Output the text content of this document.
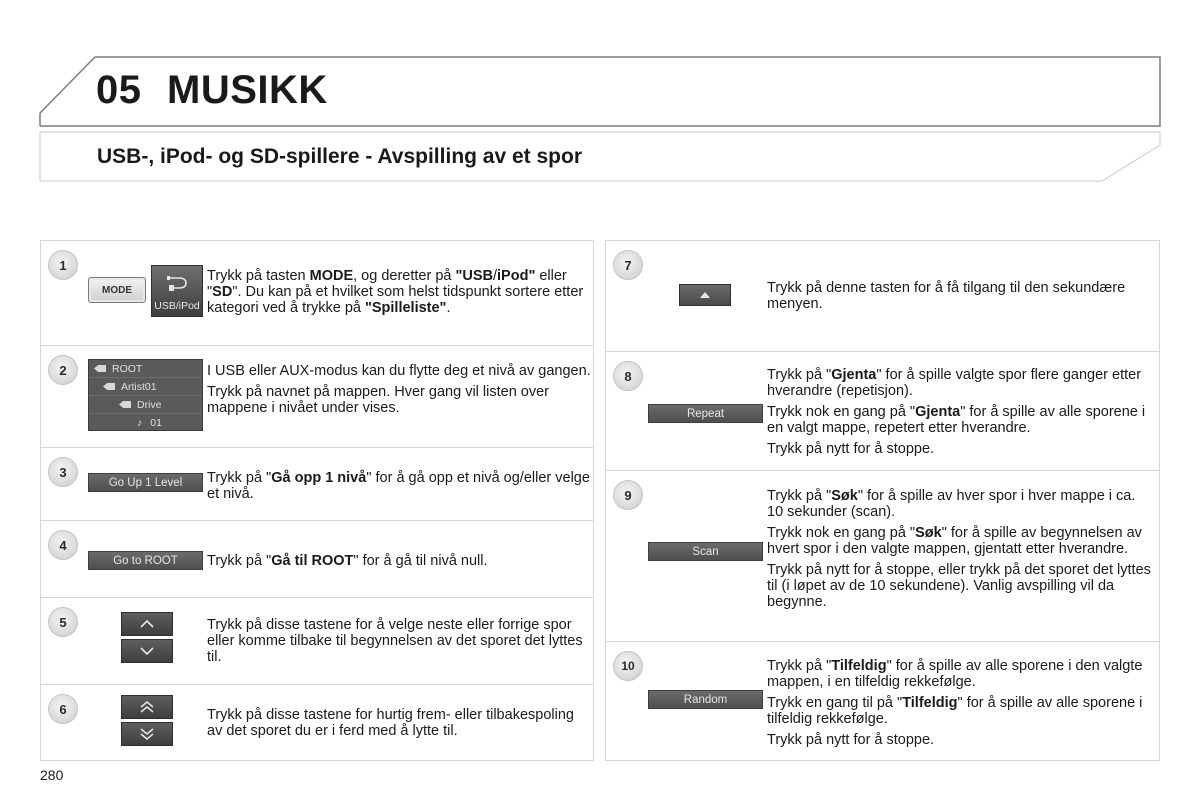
05 MUSIKK
USB-, iPod- og SD-spillere - Avspilling av et spor
1
MODE
USB/iPod
Trykk på tasten MODE, og deretter på "USB/iPod" eller "SD". Du kan på et hvilket som helst tidspunkt sortere etter kategori ved å trykke på "Spilleliste".
2	ROOT
Artist01
Drive
♪ 01

I USB eller AUX-modus kan du flytte deg et nivå av gangen.

Trykk på navnet på mappen. Hver gang vil listen over mappene i nivået under vises.

3
Go Up 1 Level	Trykk på "Gå opp 1 nivå" for å gå opp et nivå og/eller velge et nivå.
4
Go to ROOT	Trykk på "Gå til ROOT" for å gå til nivå null.
5	Trykk på disse tastene for å velge neste eller forrige spor eller komme tilbake til begynnelsen av det sporet det lyttes til.

6	Trykk på disse tastene for hurtig frem- eller tilbakespoling av det sporet du er i ferd med å lytte til.

7

Trykk på denne tasten for å få tilgang til den sekundære menyen.

8
Repeat

Trykk på "Gjenta" for å spille valgte spor flere ganger etter hverandre (repetisjon).

Trykk nok en gang på "Gjenta" for å spille av alle sporene i en valgt mappe, repetert etter hverandre.

Trykk på nytt for å stoppe.

9
Scan

Trykk på "Søk" for å spille av hver spor i hver mappe i ca. 10 sekunder (scan).

Trykk nok en gang på "Søk" for å spille av begynnelsen av hvert spor i den valgte mappen, gjentatt etter hverandre.

Trykk på nytt for å stoppe, eller trykk på det sporet det lyttes til (i løpet av de 10 sekundene). Vanlig avspilling vil da begynne.

10
Random

Trykk på "Tilfeldig" for å spille av alle sporene i den valgte mappen, i en tilfeldig rekkefølge.

Trykk en gang til på "Tilfeldig" for å spille av alle sporene i tilfeldig rekkefølge.

Trykk på nytt for å stoppe.

280
